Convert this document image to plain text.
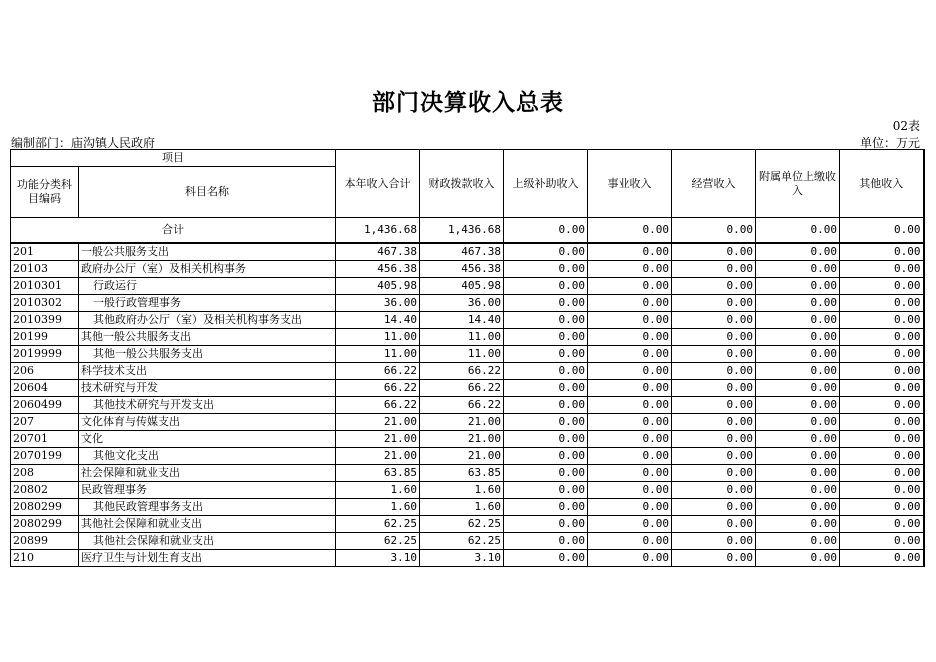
部门决算收入总表
02表
编制部门：庙沟镇人民政府	单位：万元
项目		本年收入合计	财政拨款收入	上级补助收入	事业收入	经营收入	附属单位上缴收入	其他收入
功能分类科目编码	科目名称							
合计		1,436.68	1,436.68	0.00	0.00	0.00	0.00	0.00
201	一般公共服务支出	467.38	467.38	0.00	0.00	0.00	0.00	0.00
20103	政府办公厅（室）及相关机构事务	456.38	456.38	0.00	0.00	0.00	0.00	0.00
2010301	行政运行	405.98	405.98	0.00	0.00	0.00	0.00	0.00
2010302	一般行政管理事务	36.00	36.00	0.00	0.00	0.00	0.00	0.00
2010399	其他政府办公厅（室）及相关机构事务支出	14.40	14.40	0.00	0.00	0.00	0.00	0.00
20199	其他一般公共服务支出	11.00	11.00	0.00	0.00	0.00	0.00	0.00
2019999	其他一般公共服务支出	11.00	11.00	0.00	0.00	0.00	0.00	0.00
206	科学技术支出	66.22	66.22	0.00	0.00	0.00	0.00	0.00
20604	技术研究与开发	66.22	66.22	0.00	0.00	0.00	0.00	0.00
2060499	其他技术研究与开发支出	66.22	66.22	0.00	0.00	0.00	0.00	0.00
207	文化体育与传媒支出	21.00	21.00	0.00	0.00	0.00	0.00	0.00
20701	文化	21.00	21.00	0.00	0.00	0.00	0.00	0.00
2070199	其他文化支出	21.00	21.00	0.00	0.00	0.00	0.00	0.00
208	社会保障和就业支出	63.85	63.85	0.00	0.00	0.00	0.00	0.00
20802	民政管理事务	1.60	1.60	0.00	0.00	0.00	0.00	0.00
2080299	其他民政管理事务支出	1.60	1.60	0.00	0.00	0.00	0.00	0.00
2080299	其他社会保障和就业支出	62.25	62.25	0.00	0.00	0.00	0.00	0.00
20899	其他社会保障和就业支出	62.25	62.25	0.00	0.00	0.00	0.00	0.00
210	医疗卫生与计划生育支出	3.10	3.10	0.00	0.00	0.00	0.00	0.00
